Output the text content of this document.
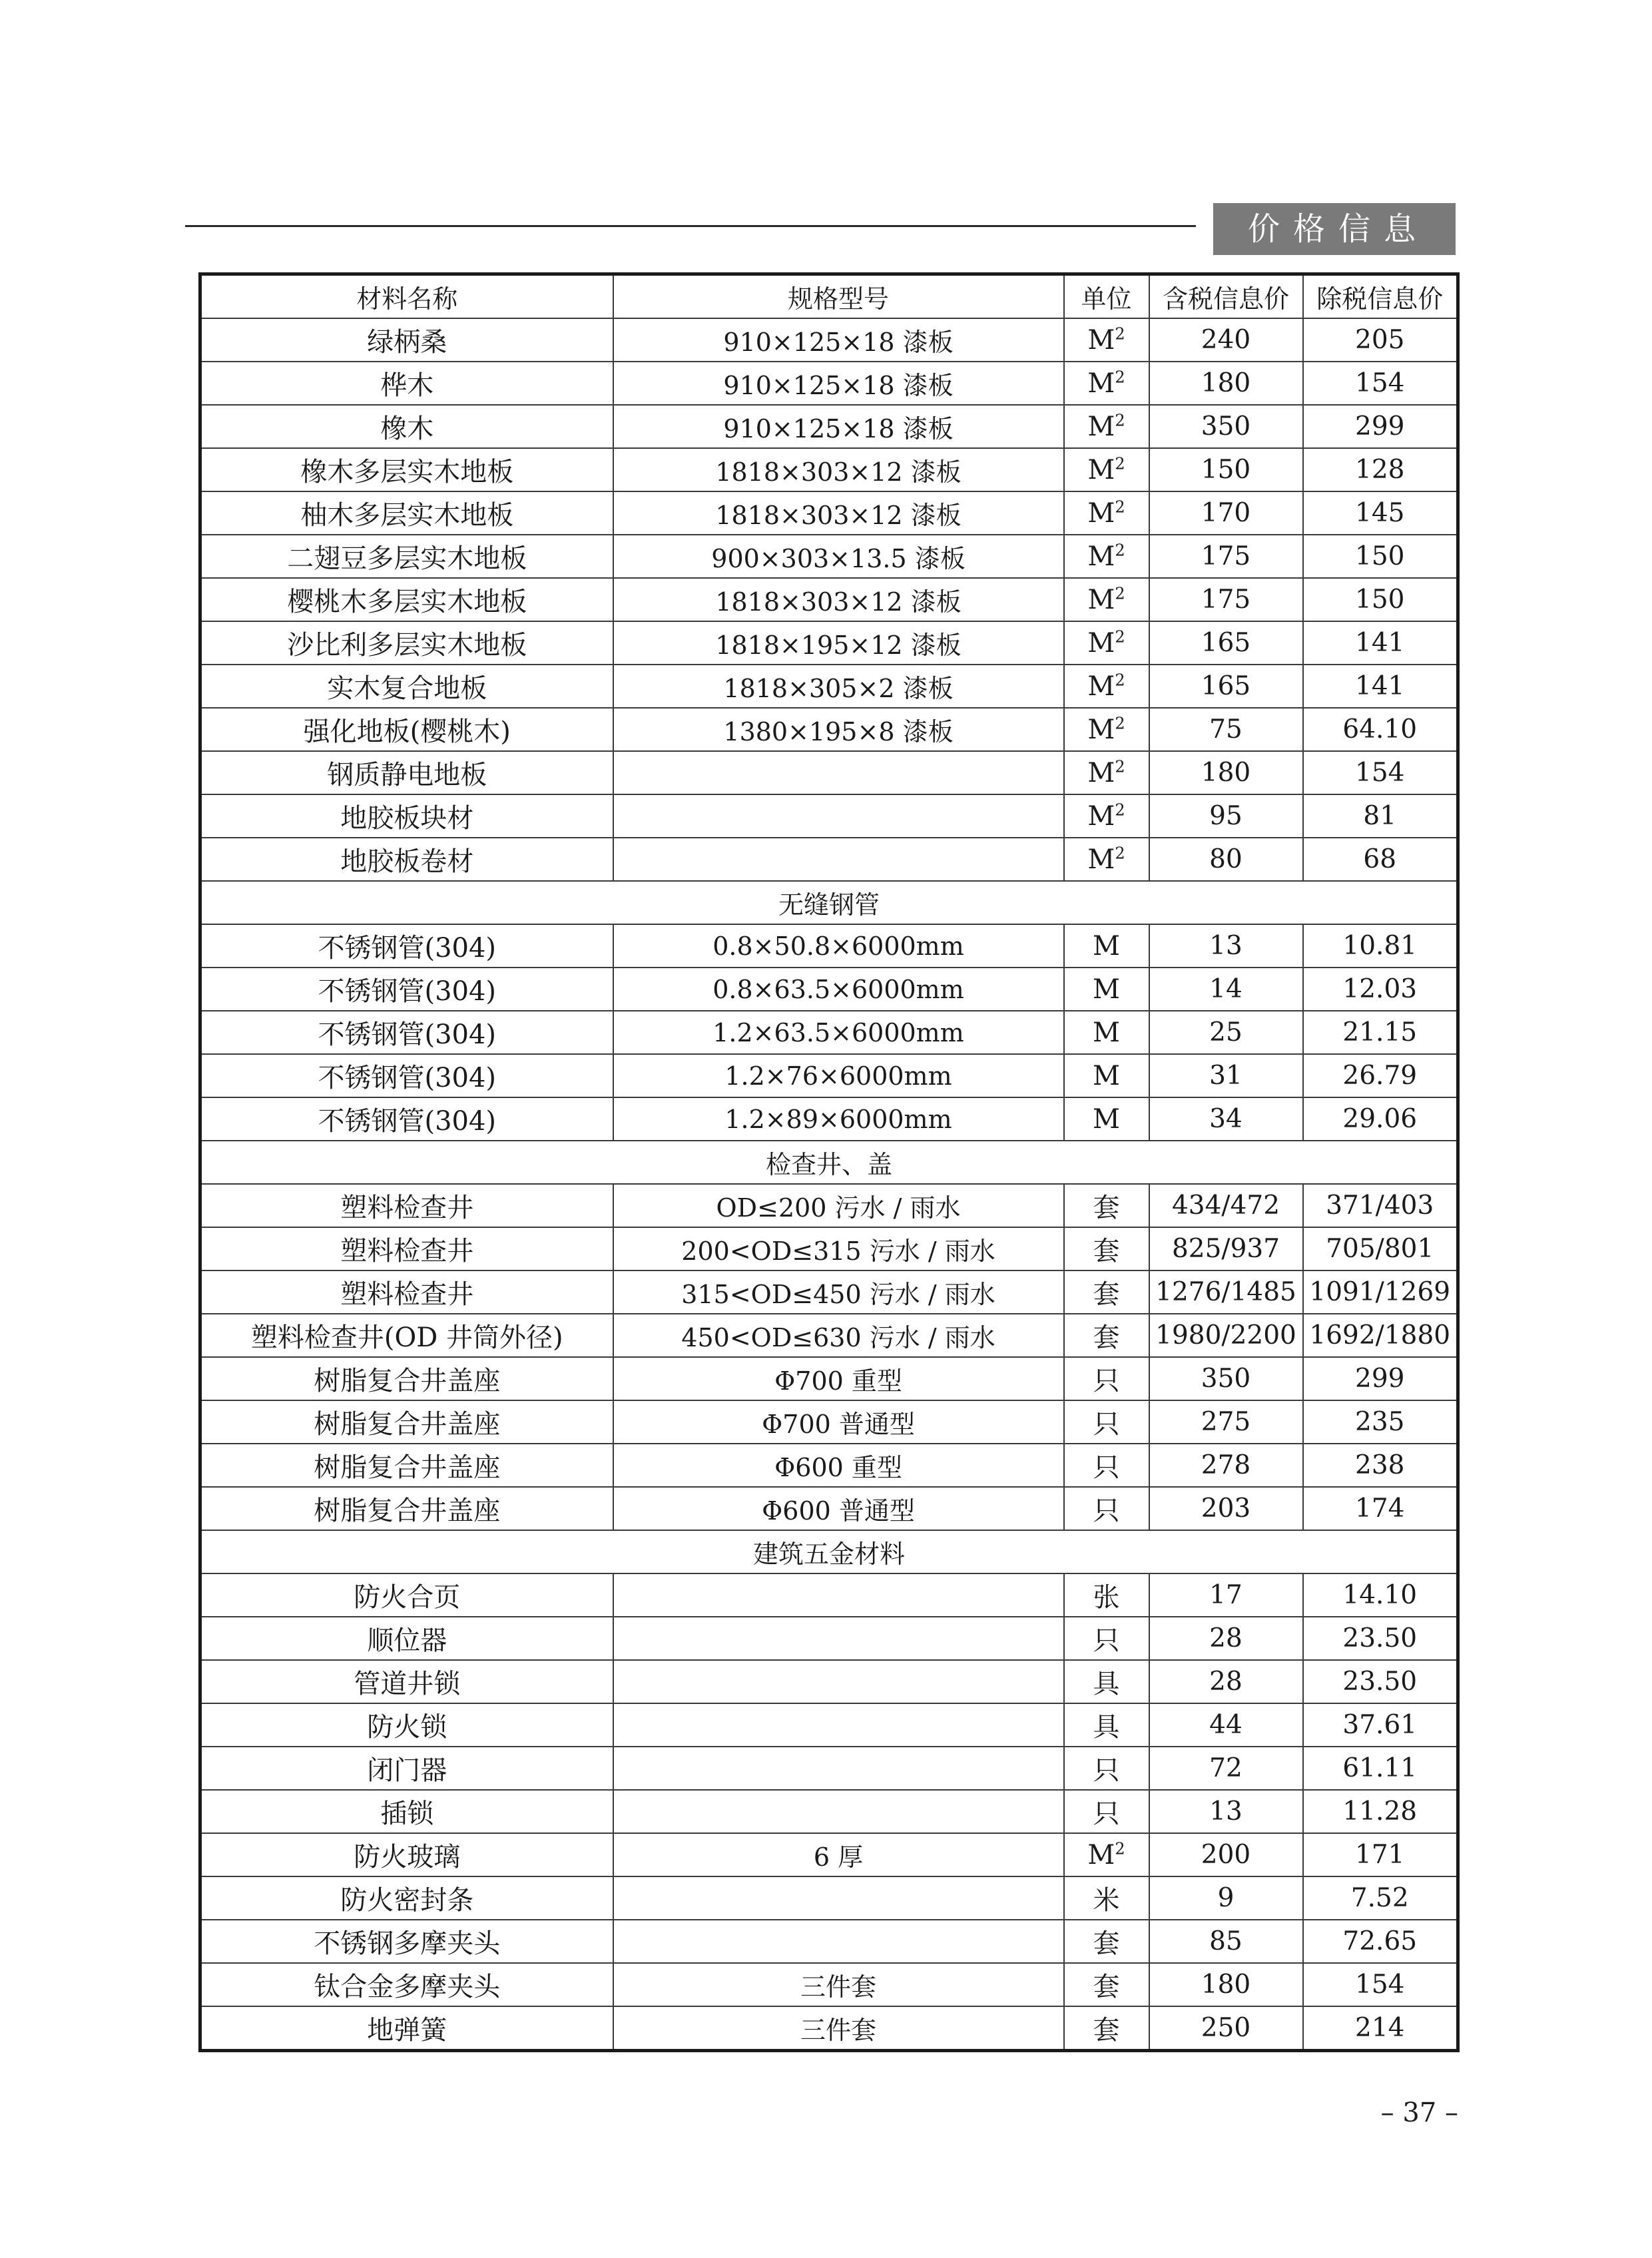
价格信息
材料名称	规格型号	单位	含税信息价	除税信息价
绿柄桑	910×125×18 漆板	$M^2$	240	205
桦木	910×125×18 漆板	$M^2$	180	154
橡木	910×125×18 漆板	$M^2$	350	299
橡木多层实木地板	1818×303×12 漆板	$M^2$	150	128
柚木多层实木地板	1818×303×12 漆板	$M^2$	170	145
二翅豆多层实木地板	900×303×13.5 漆板	$M^2$	175	150
樱桃木多层实木地板	1818×303×12 漆板	$M^2$	175	150
沙比利多层实木地板	1818×195×12 漆板	$M^2$	165	141
实木复合地板	1818×305×2 漆板	$M^2$	165	141
强化地板(樱桃木)	1380×195×8 漆板	$M^2$	75	64.10
钢质静电地板		$M^2$	180	154
地胶板块材		$M^2$	95	81
地胶板卷材		$M^2$	80	68
无缝钢管				
不锈钢管(304)	0.8×50.8×6000mm	M	13	10.81
不锈钢管(304)	0.8×63.5×6000mm	M	14	12.03
不锈钢管(304)	1.2×63.5×6000mm	M	25	21.15
不锈钢管(304)	1.2×76×6000mm	M	31	26.79
不锈钢管(304)	1.2×89×6000mm	M	34	29.06
检查井、盖				
塑料检查井	OD≤200 污水 / 雨水	套	434/472	371/403
塑料检查井	200<OD≤315 污水 / 雨水	套	825/937	705/801
塑料检查井	315<OD≤450 污水 / 雨水	套	1276/1485	1091/1269
塑料检查井(OD 井筒外径)	450<OD≤630 污水 / 雨水	套	1980/2200	1692/1880
树脂复合井盖座	Φ700 重型	只	350	299
树脂复合井盖座	Φ700 普通型	只	275	235
树脂复合井盖座	Φ600 重型	只	278	238
树脂复合井盖座	Φ600 普通型	只	203	174
建筑五金材料				
防火合页		张	17	14.10
顺位器		只	28	23.50
管道井锁		具	28	23.50
防火锁		具	44	37.61
闭门器		只	72	61.11
插锁		只	13	11.28
防火玻璃	6 厚	$M^2$	200	171
防火密封条		米	9	7.52
不锈钢多摩夹头		套	85	72.65
钛合金多摩夹头	三件套	套	180	154
地弹簧	三件套	套	250	214
– 37 –
